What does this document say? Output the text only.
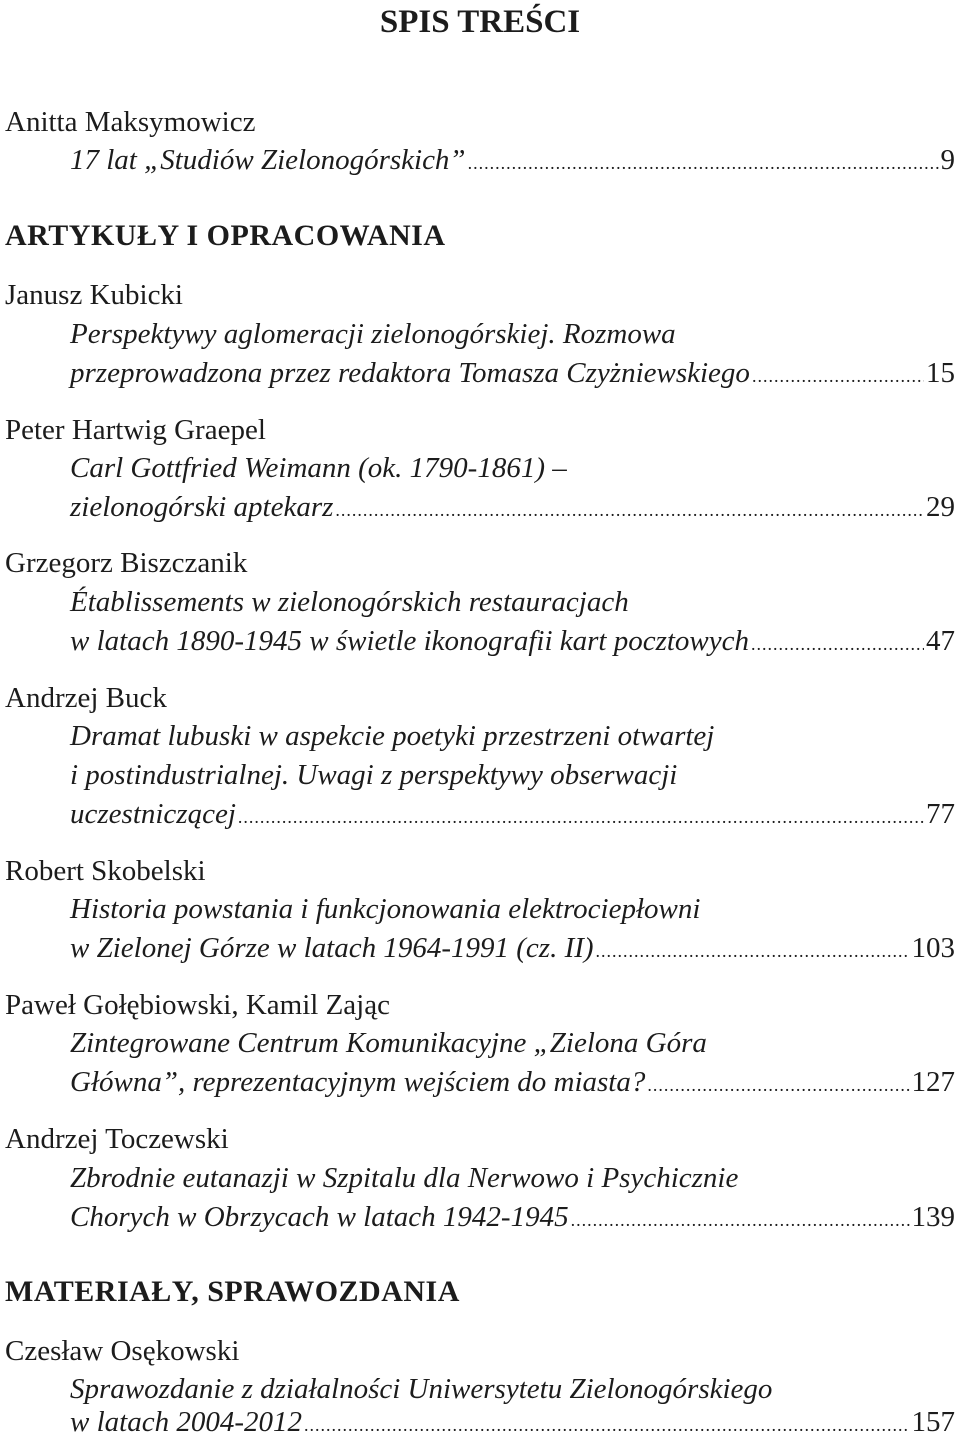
SPIS TREŚCI
Anitta Maksymowicz
17 lat „Studiów Zielonogórskich” .....	9
ARTYKUŁY I OPRACOWANIA
Janusz Kubicki
Perspektywy aglomeracji zielonogórskiej. Rozmowa
przeprowadzona przez redaktora Tomasza Czyżniewskiego .....	15
Peter Hartwig Graepel
Carl Gottfried Weimann (ok. 1790-1861) –
zielonogórski aptekarz .....	29
Grzegorz Biszczanik
Établissements w zielonogórskich restauracjach
w latach 1890-1945 w świetle ikonografii kart pocztowych .....	47
Andrzej Buck
Dramat lubuski w aspekcie poetyki przestrzeni otwartej
i postindustrialnej. Uwagi z perspektywy obserwacji
uczestniczącej .....	77
Robert Skobelski
Historia powstania i funkcjonowania elektrociepłowni
w Zielonej Górze w latach 1964-1991 (cz. II) .....	103
Paweł Gołębiowski, Kamil Zając
Zintegrowane Centrum Komunikacyjne „Zielona Góra
Główna”, reprezentacyjnym wejściem do miasta? .....	127
Andrzej Toczewski
Zbrodnie eutanazji w Szpitalu dla Nerwowo i Psychicznie
Chorych w Obrzycach w latach 1942-1945 .....	139
MATERIAŁY, SPRAWOZDANIA
Czesław Osękowski
Sprawozdanie z działalności Uniwersytetu Zielonogórskiego
w latach 2004-2012 .....	157
